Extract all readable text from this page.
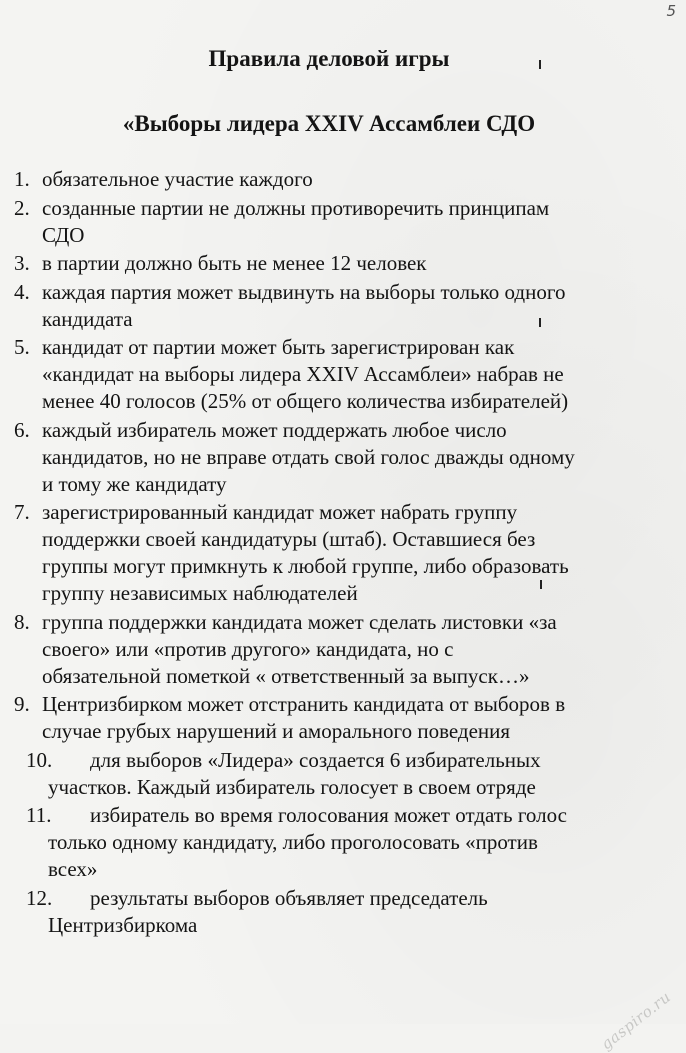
5
Правила деловой игры
«Выборы лидера XXIV Ассамблеи СДО
1. обязательное участие каждого
2. созданные партии не должны противоречить принципам
СДО
3. в партии должно быть не менее 12 человек
4. каждая партия может выдвинуть на выборы только одного
кандидата
5. кандидат от партии может быть зарегистрирован как
«кандидат на выборы лидера XXIV Ассамблеи» набрав не
менее 40 голосов (25% от общего количества избирателей)
6. каждый избиратель может поддержать любое число
кандидатов, но не вправе отдать свой голос дважды одному
и тому же кандидату
7. зарегистрированный кандидат может набрать группу
поддержки своей кандидатуры (штаб). Оставшиеся без
группы могут примкнуть к любой группе, либо образовать
группу независимых наблюдателей
8. группа поддержки кандидата может сделать листовки «за
своего» или «против другого» кандидата, но с
обязательной пометкой « ответственный за выпуск…»
9. Центризбирком может отстранить кандидата от выборов в
случае грубых нарушений и аморального поведения
10.	для выборов «Лидера» создается 6 избирательных
участков. Каждый избиратель голосует в своем отряде
11.	избиратель во время голосования может отдать голос
только одному кандидату, либо проголосовать «против
всех»
12.	результаты выборов объявляет председатель
Центризбиркома
gaspiro.ru
